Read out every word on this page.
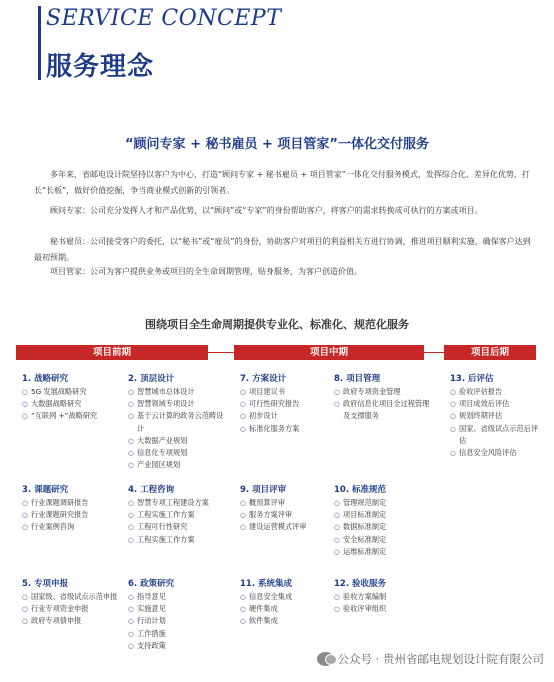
SERVICE CONCEPT
服务理念
“顾问专家 + 秘书雇员 + 项目管家”一体化交付服务

多年来，省邮电设计院坚持以客户为中心，打造“顾问专家 + 秘书雇员 + 项目管家”一体化交付服务模式，发挥综合化、差异化优势，打长“长板”，做好价值挖掘，争当商业模式创新的引领者。

顾问专家：公司充分发挥人才和产品优势，以“顾问”或“专家”的身份帮助客户，将客户的需求转换成可执行的方案或项目。

秘书雇员：公司接受客户的委托，以“秘书”或“雇员”的身份，协助客户对项目的利益相关方进行协调，推进项目顺利实施，确保客户达到最初预期。

项目管家：公司为客户提供业务或项目的全生命周期管理，贴身服务，为客户创造价值。

围绕项目全生命周期提供专业化、标准化、规范化服务
项目前期	项目中期	项目后期
1. 战略研究
○ 5G 发展战略研究
○ 大数据战略研究
○ “互联网 +”战略研究
2. 顶层设计
○ 智慧城市总体设计
○ 智慧领域专项设计
○ 基于云计算的政务云范畴设计
○ 大数据产业规划
○ 信息化专项规划
○ 产业园区规划
7. 方案设计
○ 项目建议书
○ 可行性研究报告
○ 初步设计
○ 标准化服务方案
8. 项目管理
○ 政府专项资金管理
○ 政府信息化项目全过程管理及支撑服务
13. 后评估
○ 验收评估报告
○ 项目成效后评估
○ 规划终期评估
○ 国家、省级试点示范后评估
○ 信息安全风险评估
3. 课题研究
○ 行业课题调研报告
○ 行业课题研究报告
○ 行业案例咨询
4. 工程咨询
○ 智慧专项工程建设方案
○ 工程实施工作方案
○ 工程可行性研究
○ 工程实施工作方案
9. 项目评审
○ 概预算评审
○ 服务方案评审
○ 建设运营模式评审
10. 标准规范
○ 管理规范制定
○ 项目标准制定
○ 数据标准制定
○ 安全标准制定
○ 运维标准制定
5. 专项申报
○ 国家级、省级试点示范申报
○ 行业专项资金申报
○ 政府专项债申报
6. 政策研究
○ 指导意见
○ 实施意见
○ 行动计划
○ 工作措施
○ 支持政策
11. 系统集成
○ 信息安全集成
○ 硬件集成
○ 软件集成
12. 验收服务
○ 验收方案编制
○ 验收评审组织
公众号 · 贵州省邮电规划设计院有限公司
